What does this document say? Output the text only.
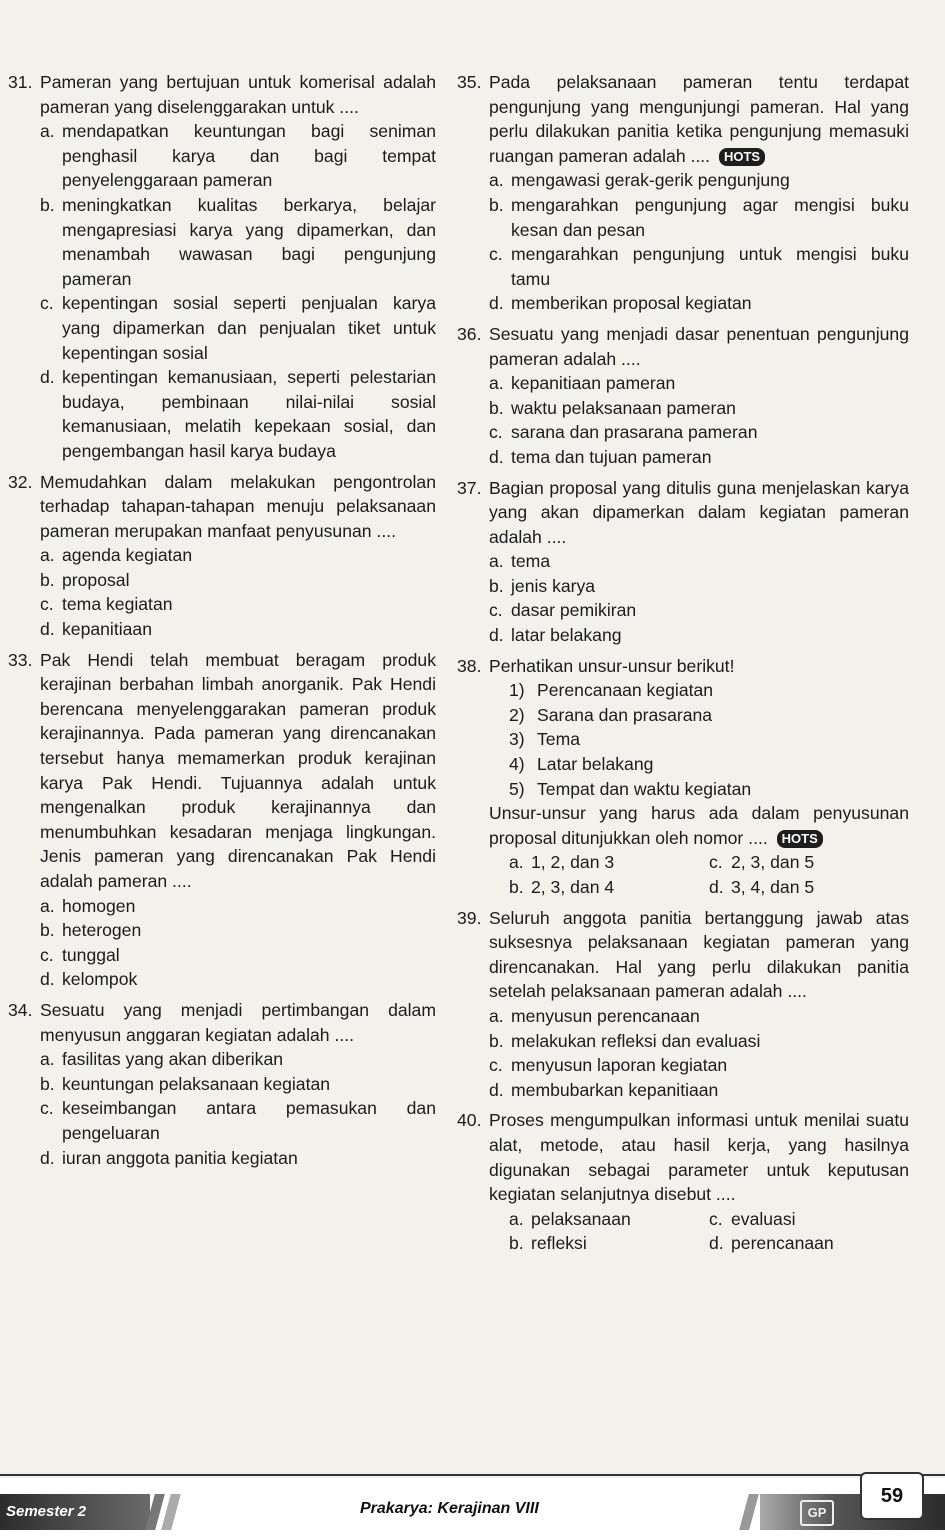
31. Pameran yang bertujuan untuk komerisal adalah pameran yang diselenggarakan untuk ....
a. mendapatkan keuntungan bagi seniman penghasil karya dan bagi tempat penyelenggaraan pameran
b. meningkatkan kualitas berkarya, belajar mengapresiasi karya yang dipamerkan, dan menambah wawasan bagi pengunjung pameran
c. kepentingan sosial seperti penjualan karya yang dipamerkan dan penjualan tiket untuk kepentingan sosial
d. kepentingan kemanusiaan, seperti pelestarian budaya, pembinaan nilai-nilai sosial kemanusiaan, melatih kepekaan sosial, dan pengembangan hasil karya budaya
32. Memudahkan dalam melakukan pengontrolan terhadap tahapan-tahapan menuju pelaksanaan pameran merupakan manfaat penyusunan ....
a. agenda kegiatan
b. proposal
c. tema kegiatan
d. kepanitiaan
33. Pak Hendi telah membuat beragam produk kerajinan berbahan limbah anorganik. Pak Hendi berencana menyelenggarakan pameran produk kerajinannya. Pada pameran yang direncanakan tersebut hanya memamerkan produk kerajinan karya Pak Hendi. Tujuannya adalah untuk mengenalkan produk kerajinannya dan menumbuhkan kesadaran menjaga lingkungan. Jenis pameran yang direncanakan Pak Hendi adalah pameran ....
a. homogen
b. heterogen
c. tunggal
d. kelompok
34. Sesuatu yang menjadi pertimbangan dalam menyusun anggaran kegiatan adalah ....
a. fasilitas yang akan diberikan
b. keuntungan pelaksanaan kegiatan
c. keseimbangan antara pemasukan dan pengeluaran
d. iuran anggota panitia kegiatan
35. Pada pelaksanaan pameran tentu terdapat pengunjung yang mengunjungi pameran. Hal yang perlu dilakukan panitia ketika pengunjung memasuki ruangan pameran adalah .... HOTS
a. mengawasi gerak-gerik pengunjung
b. mengarahkan pengunjung agar mengisi buku kesan dan pesan
c. mengarahkan pengunjung untuk mengisi buku tamu
d. memberikan proposal kegiatan
36. Sesuatu yang menjadi dasar penentuan pengunjung pameran adalah ....
a. kepanitiaan pameran
b. waktu pelaksanaan pameran
c. sarana dan prasarana pameran
d. tema dan tujuan pameran
37. Bagian proposal yang ditulis guna menjelaskan karya yang akan dipamerkan dalam kegiatan pameran adalah ....
a. tema
b. jenis karya
c. dasar pemikiran
d. latar belakang
38. Perhatikan unsur-unsur berikut!
1) Perencanaan kegiatan
2) Sarana dan prasarana
3) Tema
4) Latar belakang
5) Tempat dan waktu kegiatan
Unsur-unsur yang harus ada dalam penyusunan proposal ditunjukkan oleh nomor .... HOTS
a. 1, 2, dan 3	c. 2, 3, dan 5
b. 2, 3, dan 4	d. 3, 4, dan 5
39. Seluruh anggota panitia bertanggung jawab atas suksesnya pelaksanaan kegiatan pameran yang direncanakan. Hal yang perlu dilakukan panitia setelah pelaksanaan pameran adalah ....
a. menyusun perencanaan
b. melakukan refleksi dan evaluasi
c. menyusun laporan kegiatan
d. membubarkan kepanitiaan
40. Proses mengumpulkan informasi untuk menilai suatu alat, metode, atau hasil kerja, yang hasilnya digunakan sebagai parameter untuk keputusan kegiatan selanjutnya disebut ....
a. pelaksanaan	c. evaluasi
b. refleksi	d. perencanaan
Semester 2	Prakarya: Kerajinan VIII	GP
59
